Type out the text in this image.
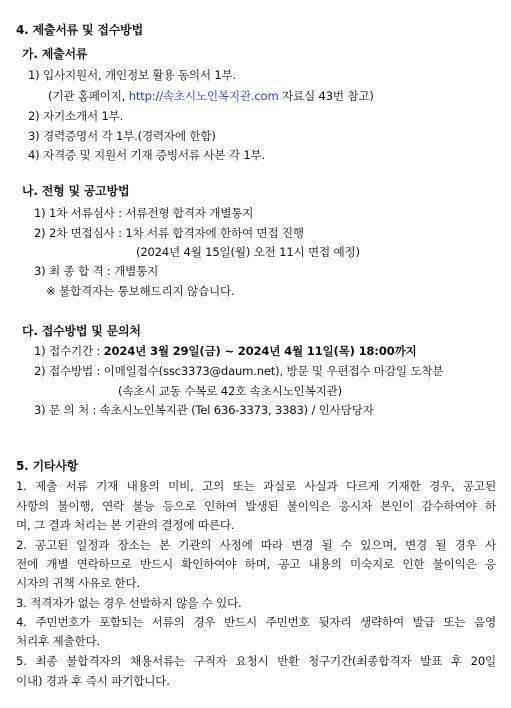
4. 제출서류 및 접수방법
가. 제출서류
1) 입사지원서, 개인정보 활용 동의서 1부.
(기관 홈페이지, http://속초시노인복지관.com 자료실 43번 참고)
2) 자기소개서 1부.
3) 경력증명서 각 1부.(경력자에 한함)
4) 자격증 및 지원서 기재 증빙서류 사본 각 1부.
나. 전형 및 공고방법
1) 1차 서류심사 : 서류전형 합격자 개별통지
2) 2차 면접심사 : 1차 서류 합격자에 한하여 면접 진행
(2024년 4월 15일(월) 오전 11시 면접 예정)
3) 최 종 합 격 : 개별통지
※ 불합격자는 통보해드리지 않습니다.
다. 접수방법 및 문의처
1) 접수기간 : 2024년 3월 29일(금) ~ 2024년 4월 11일(목) 18:00까지
2) 접수방법 : 이메일접수(ssc3373@daum.net), 방문 및 우편접수 마감일 도착분
(속초시 교동 수복로 42호 속초시노인복지관)
3) 문 의 처 : 속초시노인복지관 (Tel 636-3373, 3383) / 인사담당자
5. 기타사항
1. 제출 서류 기재 내용의 미비, 고의 또는 과실로 사실과 다르게 기재한 경우, 공고된
사항의 불이행, 연락 불능 등으로 인하여 발생된 불이익은 응시자 본인이 감수하여야 하
며, 그 결과 처리는 본 기관의 결정에 따른다.
2. 공고된 일정과 장소는 본 기관의 사정에 따라 변경 될 수 있으며, 변경 될 경우 사
전에 개별 연락하므로 반드시 확인하여야 하며, 공고 내용의 미숙지로 인한 불이익은 응
시자의 귀책 사유로 한다.
3. 적격자가 없는 경우 선발하지 않을 수 있다.
4. 주민번호가 포함되는 서류의 경우 반드시 주민번호 뒷자리 생략하여 발급 또는 음영
처리후 제출한다.
5. 최종 불합격자의 채용서류는 구직자 요청시 반환 청구기간(최종합격자 발표 후 20일
이내) 경과 후 즉시 파기합니다.
